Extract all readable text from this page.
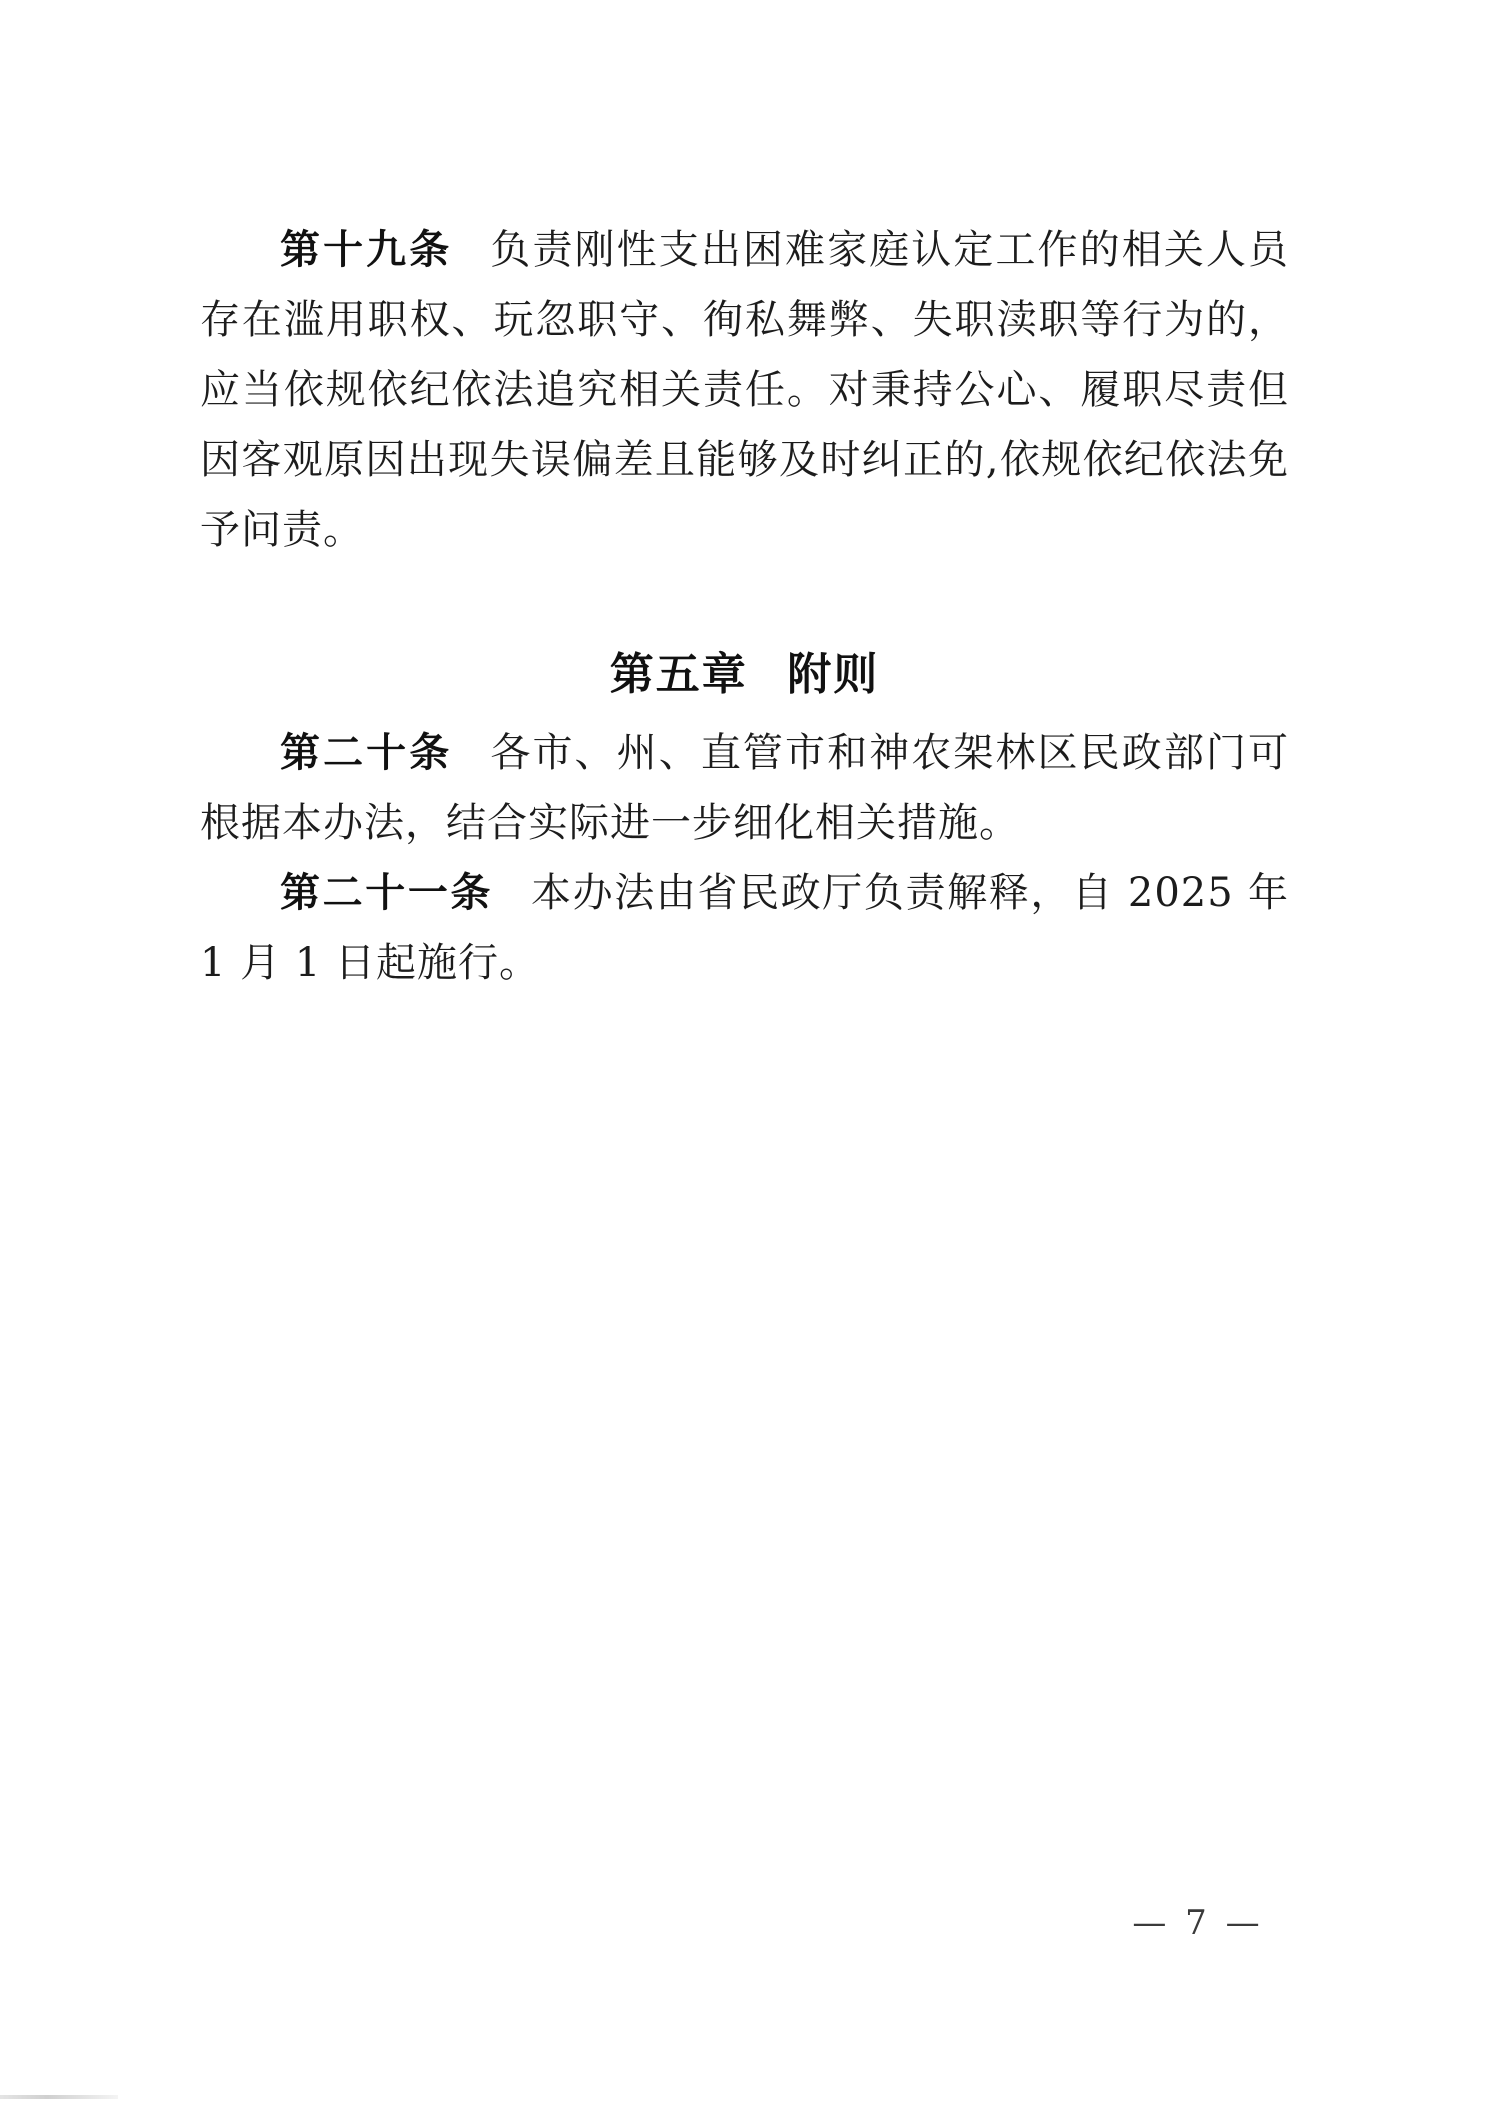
第十九条 负责刚性支出困难家庭认定工作的相关人员存在滥用职权、玩忽职守、徇私舞弊、失职渎职等行为的，应当依规依纪依法追究相关责任。对秉持公心、履职尽责但因客观原因出现失误偏差且能够及时纠正的,依规依纪依法免予问责。

第五章 附则

第二十条 各市、州、直管市和神农架林区民政部门可根据本办法，结合实际进一步细化相关措施。

第二十一条 本办法由省民政厅负责解释，自 2025 年 1 月 1 日起施行。

— 7 —
